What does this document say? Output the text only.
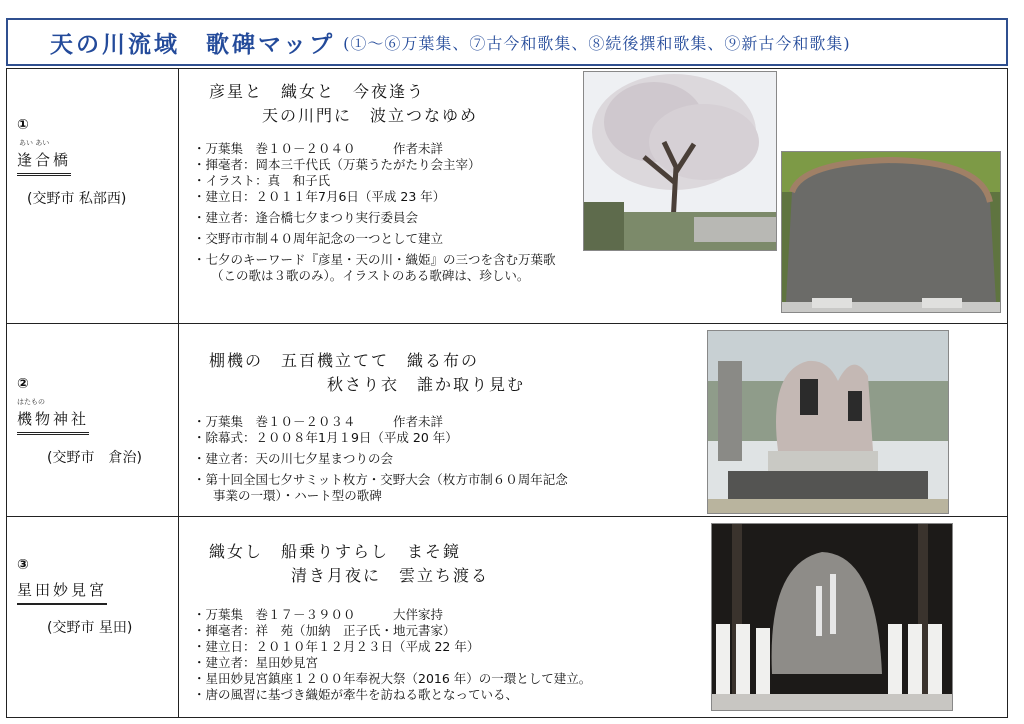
天の川流域　歌碑マップ (①～⑥万葉集、⑦古今和歌集、⑧続後撰和歌集、⑨新古今和歌集)
①
あい あい
逢合橋
(交野市 私部西)
彦星と　織女と　今夜逢う
天の川門に　波立つなゆめ
・万葉集　巻１０－２０４０　　　作者未詳
・揮毫者：岡本三千代氏（万葉うたがたり会主宰）
・イラスト：真　和子氏
・建立日：２０１１年7月6日（平成 23 年）
・建立者：逢合橋七夕まつり実行委員会
・交野市市制４０周年記念の一つとして建立
・七夕のキーワード『彦星・天の川・織姫』の三つを含む万葉歌
（この歌は３歌のみ）。イラストのある歌碑は、珍しい。
②
はたもの
機物神社
(交野市　倉治)
棚機の　五百機立てて　織る布の
秋さり衣　誰か取り見む
・万葉集　巻１０－２０３４　　　作者未詳
・除幕式：２００８年1月１9日（平成 20 年）
・建立者：天の川七夕星まつりの会
・第十回全国七夕サミット枚方・交野大会（枚方市制６０周年記念
事業の一環）・ハート型の歌碑
③
星田妙見宮
(交野市 星田)
織女し　船乗りすらし　まそ鏡
清き月夜に　雲立ち渡る
・万葉集　巻１７－３９００　　　大伴家持
・揮毫者：祥　苑（加納　正子氏・地元書家）
・建立日：２０１０年１２月２３日（平成 22 年）
・建立者：星田妙見宮
・星田妙見宮鎮座１２００年奉祝大祭（2016 年）の一環として建立。
・唐の風習に基づき織姫が牽牛を訪ねる歌となっている、
